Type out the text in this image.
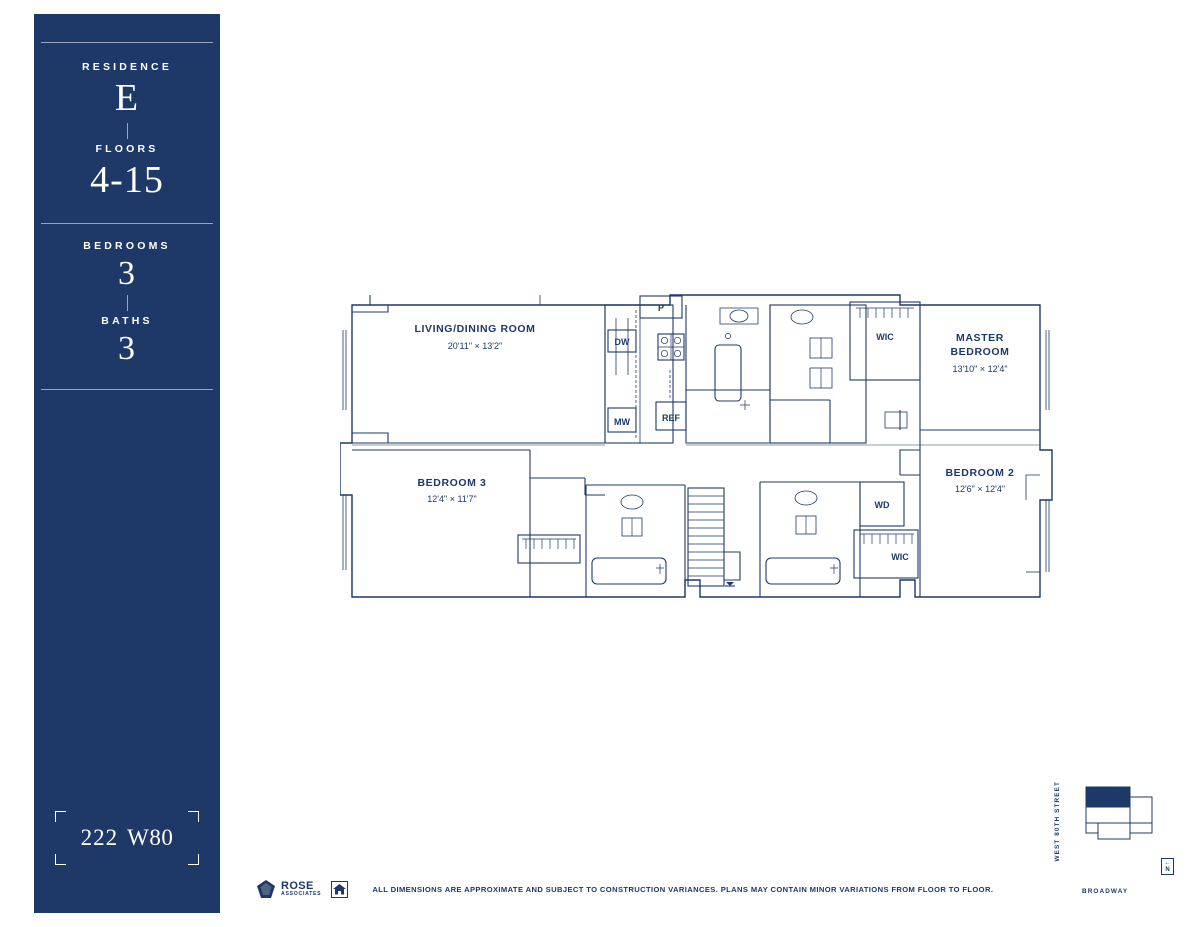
RESIDENCE
E
FLOORS
4-15
BEDROOMS
3
BATHS
3
222 W80
LIVING/DINING ROOM
20'11" × 13'2"
MASTER
BEDROOM
13'10" × 12'4"
BEDROOM 3
12'4" × 11'7"
BEDROOM 2
12'6" × 12'4"
DW
MW	REF
P
WD
WIC
WIC
ROSE
ASSOCIATES
ALL DIMENSIONS ARE APPROXIMATE AND SUBJECT TO CONSTRUCTION VARIANCES. PLANS MAY CONTAIN MINOR VARIATIONS FROM FLOOR TO FLOOR.
WEST 80TH STREET
BROADWAY
←
N
